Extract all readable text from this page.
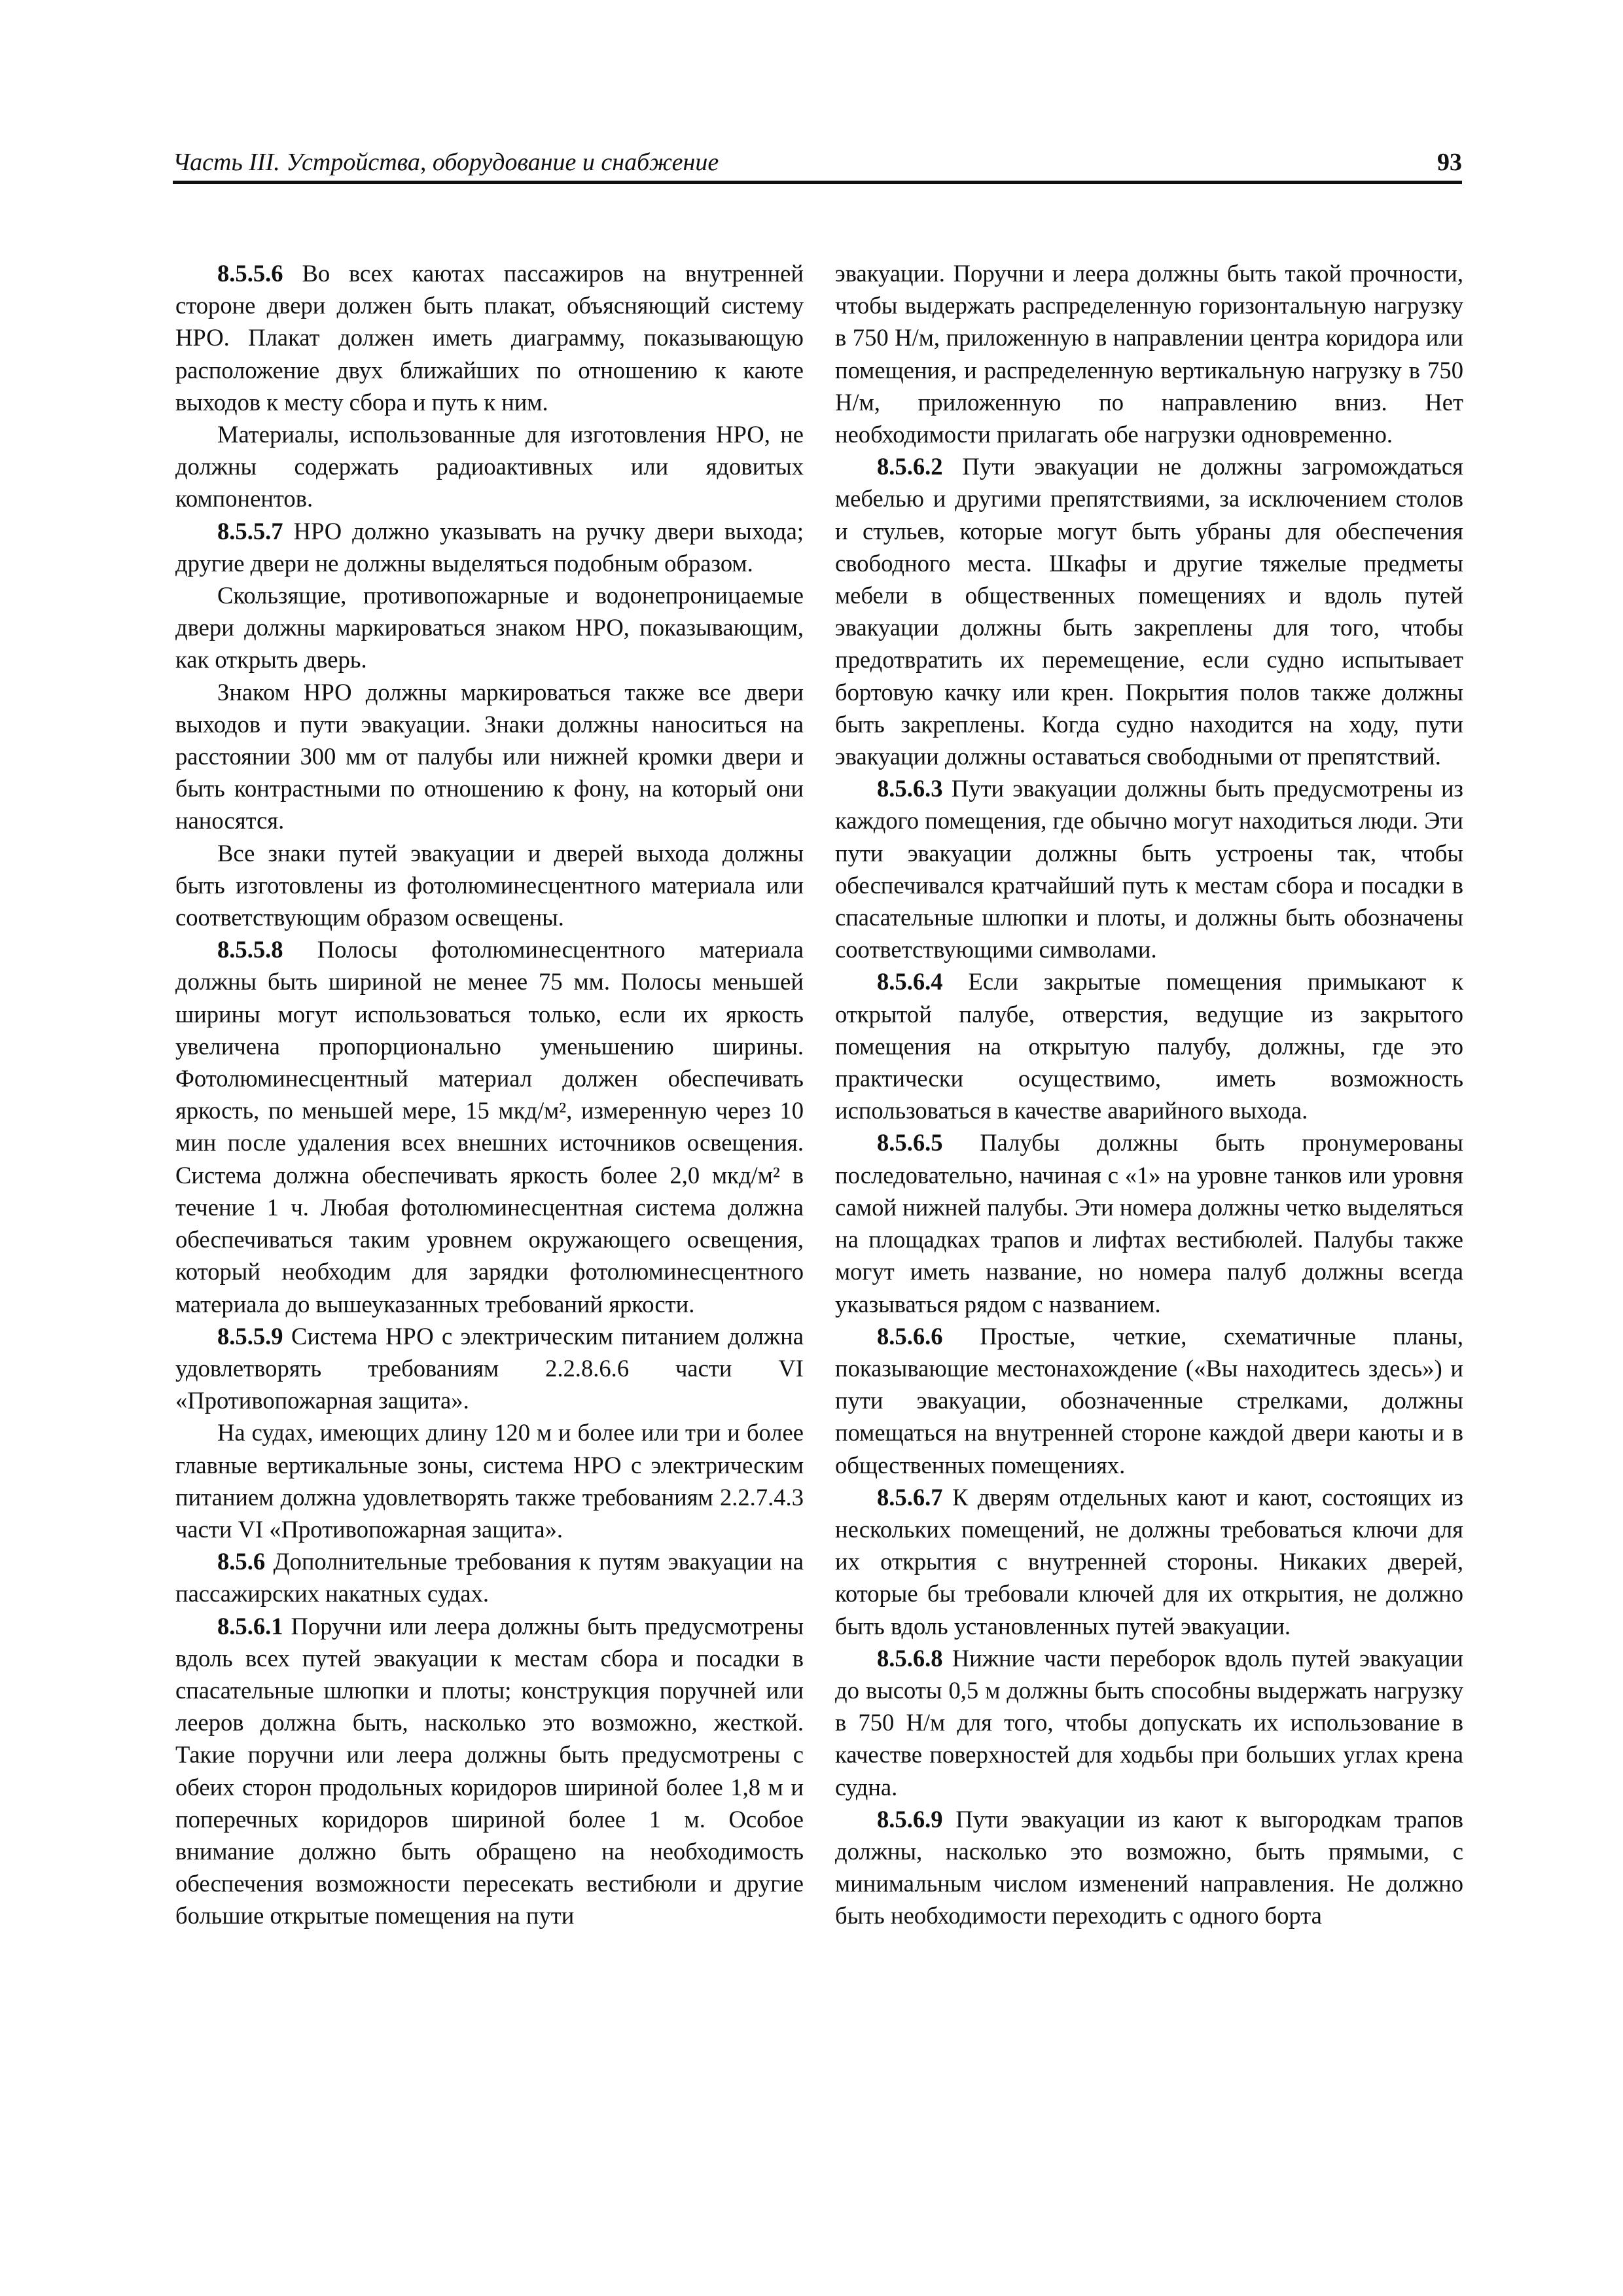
Часть III. Устройства, оборудование и снабжение	93

8.5.5.6 Во всех каютах пассажиров на внутренней стороне двери должен быть плакат, объясняющий систему НРО. Плакат должен иметь диаграмму, показывающую расположение двух ближайших по отношению к каюте выходов к месту сбора и путь к ним.

Материалы, использованные для изготовления НРО, не должны содержать радиоактивных или ядовитых компонентов.

8.5.5.7 НРО должно указывать на ручку двери выхода; другие двери не должны выделяться подобным образом.

Скользящие, противопожарные и водонепроницаемые двери должны маркироваться знаком НРО, показывающим, как открыть дверь.

Знаком НРО должны маркироваться также все двери выходов и пути эвакуации. Знаки должны наноситься на расстоянии 300 мм от палубы или нижней кромки двери и быть контрастными по отношению к фону, на который они наносятся.

Все знаки путей эвакуации и дверей выхода должны быть изготовлены из фотолюминесцентного материала или соответствующим образом освещены.

8.5.5.8 Полосы фотолюминесцентного материала должны быть шириной не менее 75 мм. Полосы меньшей ширины могут использоваться только, если их яркость увеличена пропорционально уменьшению ширины. Фотолюминесцентный материал должен обеспечивать яркость, по меньшей мере, 15 мкд/м², измеренную через 10 мин после удаления всех внешних источников освещения. Система должна обеспечивать яркость более 2,0 мкд/м² в течение 1 ч. Любая фотолюминесцентная система должна обеспечиваться таким уровнем окружающего освещения, который необходим для зарядки фотолюминесцентного материала до вышеуказанных требований яркости.

8.5.5.9 Система НРО с электрическим питанием должна удовлетворять требованиям 2.2.8.6.6 части VI «Противопожарная защита».

На судах, имеющих длину 120 м и более или три и более главные вертикальные зоны, система НРО с электрическим питанием должна удовлетворять также требованиям 2.2.7.4.3 части VI «Противопожарная защита».

8.5.6 Дополнительные требования к путям эвакуации на пассажирских накатных судах.

8.5.6.1 Поручни или леера должны быть предусмотрены вдоль всех путей эвакуации к местам сбора и посадки в спасательные шлюпки и плоты; конструкция поручней или лееров должна быть, насколько это возможно, жесткой. Такие поручни или леера должны быть предусмотрены с обеих сторон продольных коридоров шириной более 1,8 м и поперечных коридоров шириной более 1 м. Особое внимание должно быть обращено на необходимость обеспечения возможности пересекать вестибюли и другие большие открытые помещения на пути

эвакуации. Поручни и леера должны быть такой прочности, чтобы выдержать распределенную горизонтальную нагрузку в 750 Н/м, приложенную в направлении центра коридора или помещения, и распределенную вертикальную нагрузку в 750 Н/м, приложенную по направлению вниз. Нет необходимости прилагать обе нагрузки одновременно.

8.5.6.2 Пути эвакуации не должны загромождаться мебелью и другими препятствиями, за исключением столов и стульев, которые могут быть убраны для обеспечения свободного места. Шкафы и другие тяжелые предметы мебели в общественных помещениях и вдоль путей эвакуации должны быть закреплены для того, чтобы предотвратить их перемещение, если судно испытывает бортовую качку или крен. Покрытия полов также должны быть закреплены. Когда судно находится на ходу, пути эвакуации должны оставаться свободными от препятствий.

8.5.6.3 Пути эвакуации должны быть предусмотрены из каждого помещения, где обычно могут находиться люди. Эти пути эвакуации должны быть устроены так, чтобы обеспечивался кратчайший путь к местам сбора и посадки в спасательные шлюпки и плоты, и должны быть обозначены соответствующими символами.

8.5.6.4 Если закрытые помещения примыкают к открытой палубе, отверстия, ведущие из закрытого помещения на открытую палубу, должны, где это практически осуществимо, иметь возможность использоваться в качестве аварийного выхода.

8.5.6.5 Палубы должны быть пронумерованы последовательно, начиная с «1» на уровне танков или уровня самой нижней палубы. Эти номера должны четко выделяться на площадках трапов и лифтах вестибюлей. Палубы также могут иметь название, но номера палуб должны всегда указываться рядом с названием.

8.5.6.6 Простые, четкие, схематичные планы, показывающие местонахождение («Вы находитесь здесь») и пути эвакуации, обозначенные стрелками, должны помещаться на внутренней стороне каждой двери каюты и в общественных помещениях.

8.5.6.7 К дверям отдельных кают и кают, состоящих из нескольких помещений, не должны требоваться ключи для их открытия с внутренней стороны. Никаких дверей, которые бы требовали ключей для их открытия, не должно быть вдоль установленных путей эвакуации.

8.5.6.8 Нижние части переборок вдоль путей эвакуации до высоты 0,5 м должны быть способны выдержать нагрузку в 750 Н/м для того, чтобы допускать их использование в качестве поверхностей для ходьбы при больших углах крена судна.

8.5.6.9 Пути эвакуации из кают к выгородкам трапов должны, насколько это возможно, быть прямыми, с минимальным числом изменений направления. Не должно быть необходимости переходить с одного борта
